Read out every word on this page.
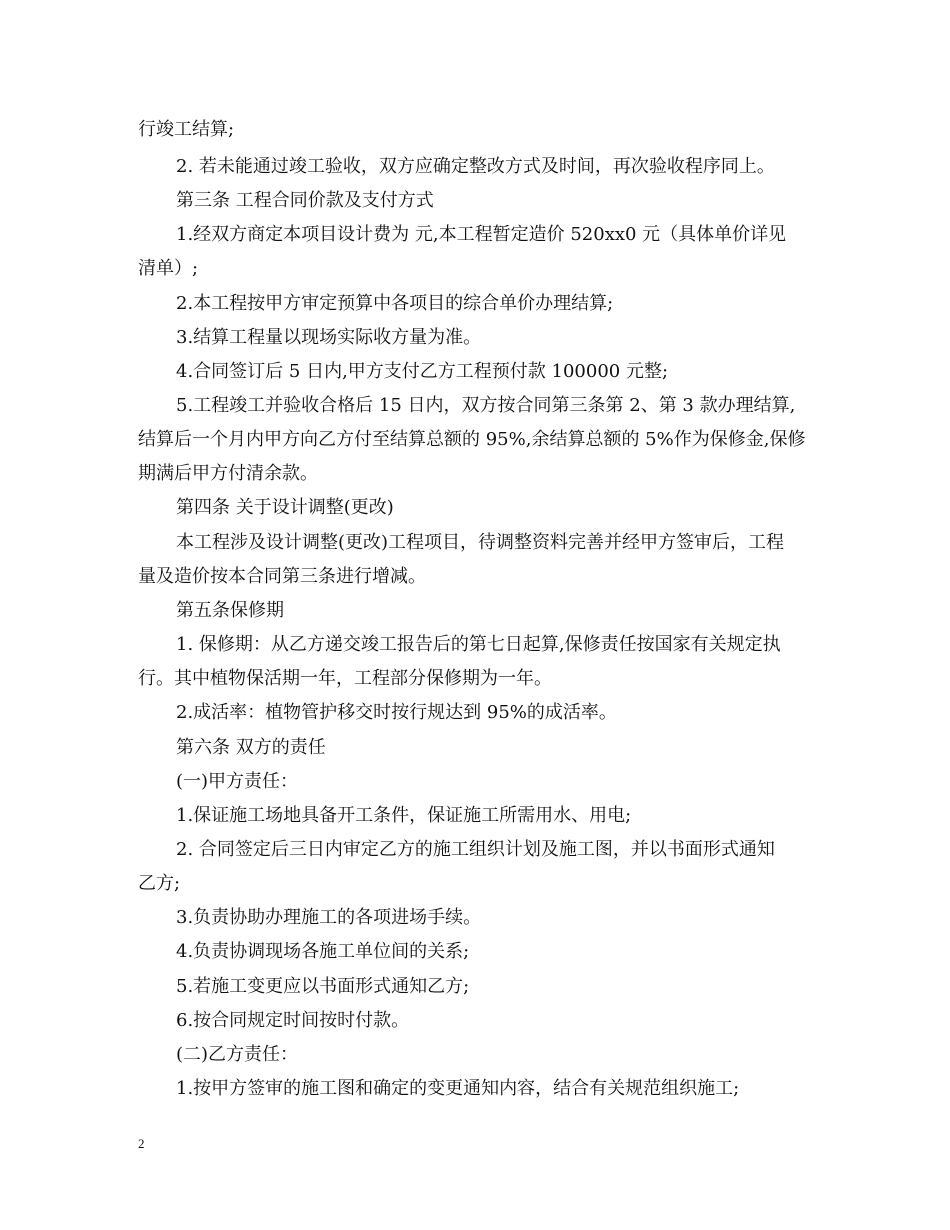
行竣工结算;
2. 若未能通过竣工验收，双方应确定整改方式及时间，再次验收程序同上。
第三条 工程合同价款及支付方式
1.经双方商定本项目设计费为 元,本工程暂定造价 520xx0 元（具体单价详见
清单）;
2.本工程按甲方审定预算中各项目的综合单价办理结算;
3.结算工程量以现场实际收方量为准。
4.合同签订后 5 日内,甲方支付乙方工程预付款 100000 元整;
5.工程竣工并验收合格后 15 日内，双方按合同第三条第 2、第 3 款办理结算,
结算后一个月内甲方向乙方付至结算总额的 95%,余结算总额的 5%作为保修金,保修
期满后甲方付清余款。
第四条 关于设计调整(更改)
本工程涉及设计调整(更改)工程项目，待调整资料完善并经甲方签审后，工程
量及造价按本合同第三条进行增减。
第五条保修期
1. 保修期：从乙方递交竣工报告后的第七日起算,保修责任按国家有关规定执
行。其中植物保活期一年，工程部分保修期为一年。
2.成活率：植物管护移交时按行规达到 95%的成活率。
第六条 双方的责任
(一)甲方责任：
1.保证施工场地具备开工条件，保证施工所需用水、用电;
2. 合同签定后三日内审定乙方的施工组织计划及施工图，并以书面形式通知
乙方;
3.负责协助办理施工的各项进场手续。
4.负责协调现场各施工单位间的关系;
5.若施工变更应以书面形式通知乙方;
6.按合同规定时间按时付款。
(二)乙方责任：
1.按甲方签审的施工图和确定的变更通知内容，结合有关规范组织施工;
2
